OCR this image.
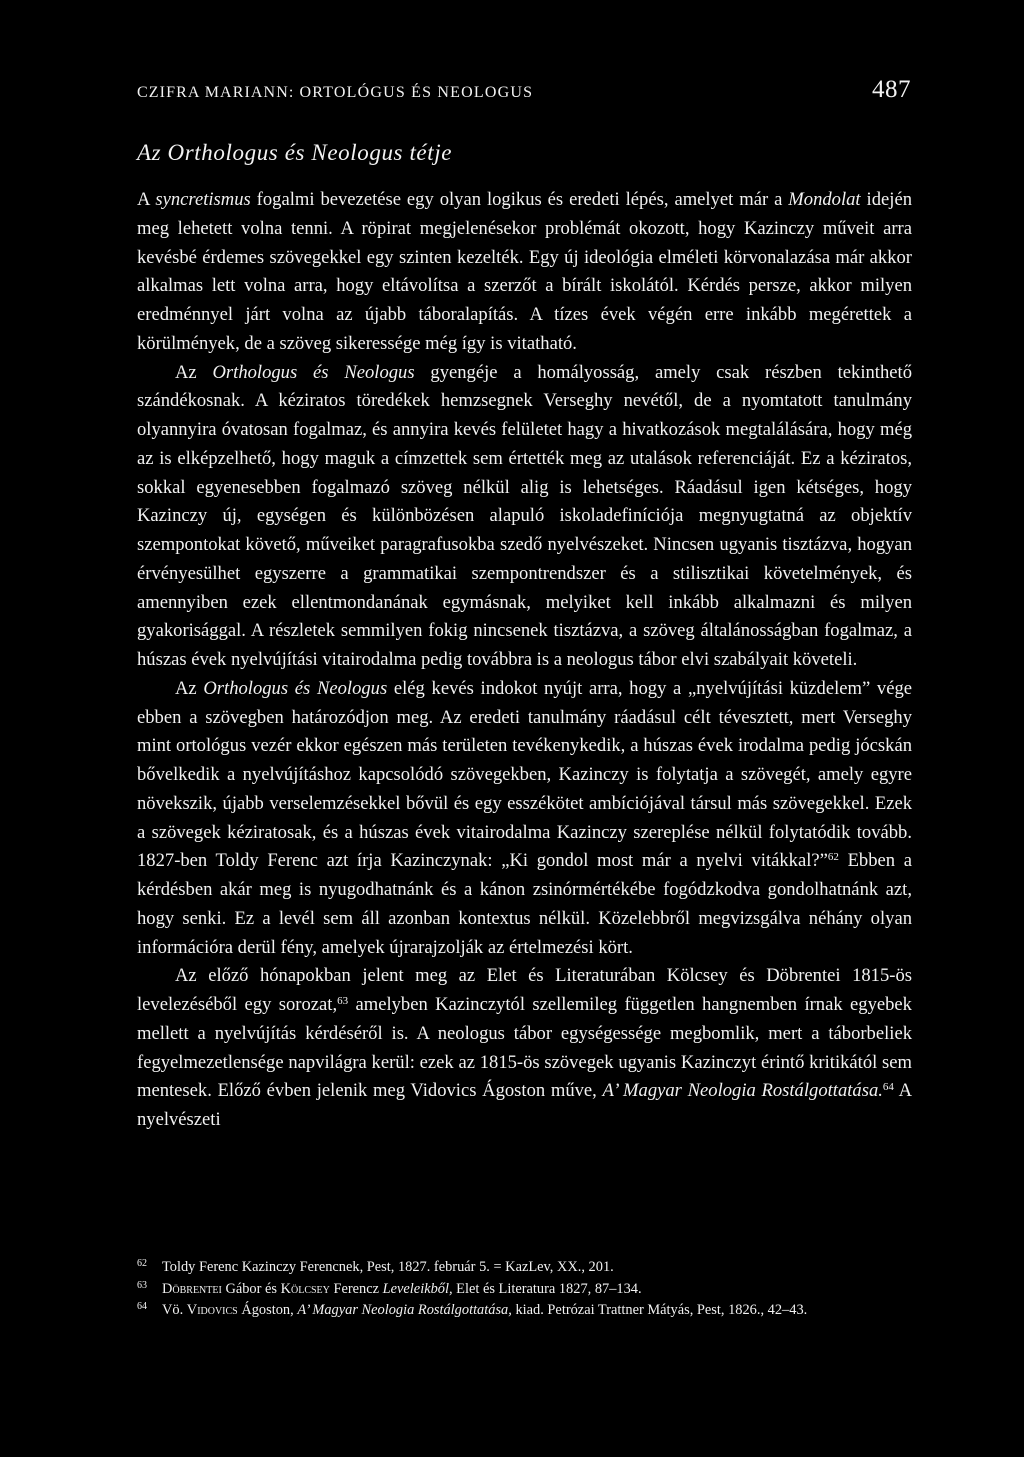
CZIFRA MARIANN: ORTOLÓGUS ÉS NEOLOGUS	487
Az Orthologus és Neologus tétje

A syncretismus fogalmi bevezetése egy olyan logikus és eredeti lépés, amelyet már a Mondolat idején meg lehetett volna tenni. A röpirat megjelenésekor problémát okozott, hogy Kazinczy műveit arra kevésbé érdemes szövegekkel egy szinten kezelték. Egy új ideológia elméleti körvonalazása már akkor alkalmas lett volna arra, hogy eltávolítsa a szerzőt a bírált iskolától. Kérdés persze, akkor milyen eredménnyel járt volna az újabb táboralapítás. A tízes évek végén erre inkább megérettek a körülmények, de a szöveg sikeressége még így is vitatható.

Az Orthologus és Neologus gyengéje a homályosság, amely csak részben tekinthető szándékosnak. A kéziratos töredékek hemzsegnek Verseghy nevétől, de a nyomtatott tanulmány olyannyira óvatosan fogalmaz, és annyira kevés felületet hagy a hivatkozások megtalálására, hogy még az is elképzelhető, hogy maguk a címzettek sem értették meg az utalások referenciáját. Ez a kéziratos, sokkal egyenesebben fogalmazó szöveg nélkül alig is lehetséges. Ráadásul igen kétséges, hogy Kazinczy új, egységen és különbözésen alapuló iskoladefiníciója megnyugtatná az objektív szempontokat követő, műveiket paragrafusokba szedő nyelvészeket. Nincsen ugyanis tisztázva, hogyan érvényesülhet egyszerre a grammatikai szempontrendszer és a stilisztikai követelmények, és amennyiben ezek ellentmondanának egymásnak, melyiket kell inkább alkalmazni és milyen gyakorisággal. A részletek semmilyen fokig nincsenek tisztázva, a szöveg általánosságban fogalmaz, a húszas évek nyelvújítási vitairodalma pedig továbbra is a neologus tábor elvi szabályait követeli.

Az Orthologus és Neologus elég kevés indokot nyújt arra, hogy a „nyelvújítási küzdelem” vége ebben a szövegben határozódjon meg. Az eredeti tanulmány ráadásul célt tévesztett, mert Verseghy mint ortológus vezér ekkor egészen más területen tevékenykedik, a húszas évek irodalma pedig jócskán bővelkedik a nyelvújításhoz kapcsolódó szövegekben, Kazinczy is folytatja a szövegét, amely egyre növekszik, újabb verselemzésekkel bővül és egy esszékötet ambíciójával társul más szövegekkel. Ezek a szövegek kéziratosak, és a húszas évek vitairodalma Kazinczy szereplése nélkül folytatódik tovább. 1827-ben Toldy Ferenc azt írja Kazinczynak: „Ki gondol most már a nyelvi vitákkal?”$^{62}$ Ebben a kérdésben akár meg is nyugodhatnánk és a kánon zsinórmértékébe fogódzkodva gondolhatnánk azt, hogy senki. Ez a levél sem áll azonban kontextus nélkül. Közelebbről megvizsgálva néhány olyan információra derül fény, amelyek újrarajzolják az értelmezési kört.

Az előző hónapokban jelent meg az Elet és Literaturában Kölcsey és Döbrentei 1815-ös levelezéséből egy sorozat,$^{63}$ amelyben Kazinczytól szellemileg független hangnemben írnak egyebek mellett a nyelvújítás kérdéséről is. A neologus tábor egységessége megbomlik, mert a táborbeliek fegyelmezetlensége napvilágra kerül: ezek az 1815-ös szövegek ugyanis Kazinczyt érintő kritikától sem mentesek. Előző évben jelenik meg Vidovics Ágoston műve, A’ Magyar Neologia Rostálgottatása.$^{64}$ A nyelvészeti

62	Toldy Ferenc Kazinczy Ferencnek, Pest, 1827. február 5. = KazLev, XX., 201.
63	Döbrentei Gábor és Kölcsey Ferencz Leveleikből, Elet és Literatura 1827, 87–134.
64	Vö. Vidovics Ágoston, A’ Magyar Neologia Rostálgottatása, kiad. Petrózai Trattner Mátyás, Pest, 1826., 42–43.
